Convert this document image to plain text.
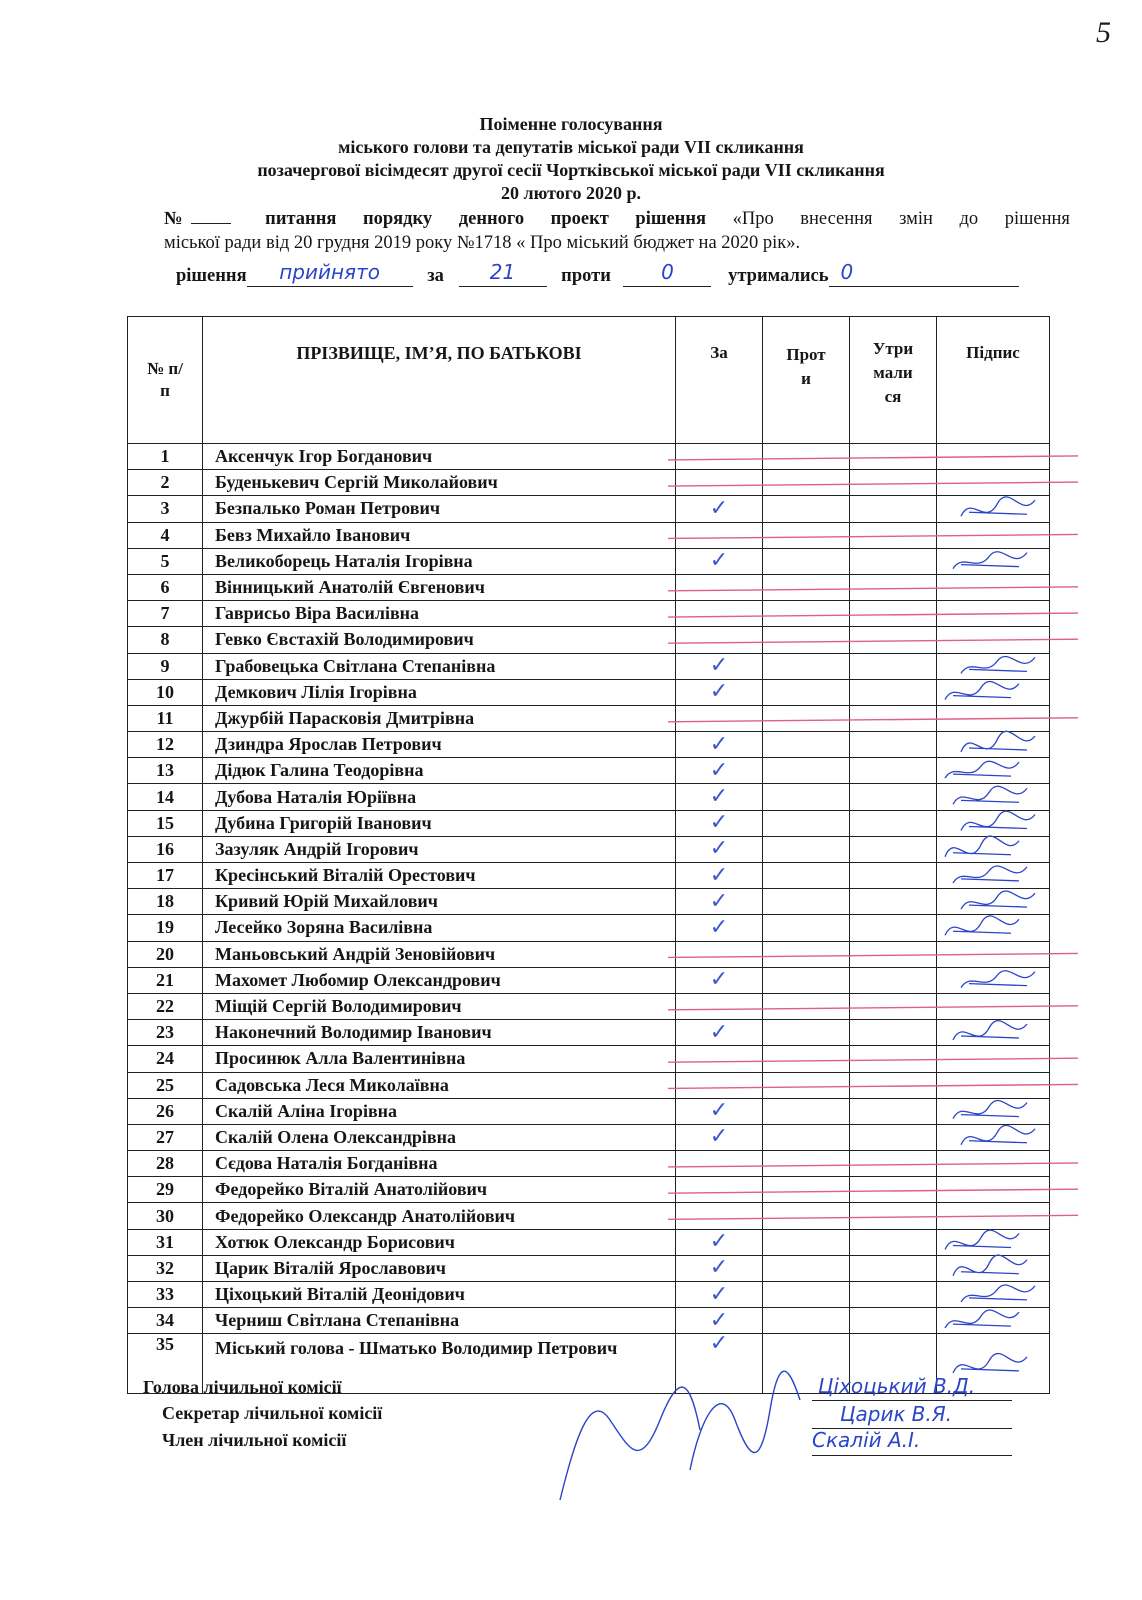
5
Поіменне голосування
міського голови та депутатів міської ради VII скликання
позачергової вісімдесят другої сесії Чортківської міської ради VII скликання
20 лютого 2020 р.
№	питання порядку денного проект рішення «Про внесення змін до рішення
міської ради від 20 грудня 2019 року №1718 « Про міський бюджет на 2020 рік».
рішення	прийнято	за	21	проти	0	утримались 0
№ п/п	ПРІЗВИЩЕ, ІМ’Я, ПО БАТЬКОВІ	За	Проти	Утрималися	Підпис
1	Аксенчук Ігор Богданович				
2	Буденькевич Сергій Миколайович				
3	Безпалько Роман Петрович	✓			

4	Бевз Михайло Іванович				
5	Великоборець Наталія Ігорівна	✓			

6	Вінницький Анатолій Євгенович				
7	Гаврисьо Віра Василівна				
8	Гевко Євстахій Володимирович				
9	Грабовецька Світлана Степанівна	✓			

10	Демкович Лілія Ігорівна	✓			

11	Джурбій Парасковія Дмитрівна				
12	Дзиндра Ярослав Петрович	✓			

13	Дідюк Галина Теодорівна	✓			

14	Дубова Наталія Юріївна	✓			

15	Дубина Григорій Іванович	✓			

16	Зазуляк Андрій Ігорович	✓			

17	Кресінський Віталій Орестович	✓			

18	Кривий Юрій Михайлович	✓			

19	Лесейко Зоряна Василівна	✓			

20	Маньовський Андрій Зеновійович				
21	Махомет Любомир Олександрович	✓			

22	Міщій Сергій Володимирович				
23	Наконечний Володимир Іванович	✓			

24	Просинюк Алла Валентинівна				
25	Садовська Леся Миколаївна				
26	Скалій Аліна Ігорівна	✓			

27	Скалій Олена Олександрівна	✓			

28	Сєдова Наталія Богданівна				
29	Федорейко Віталій Анатолійович				
30	Федорейко Олександр Анатолійович				
31	Хотюк Олександр Борисович	✓			

32	Царик Віталій Ярославович	✓			

33	Ціхоцький Віталій Деонідович	✓			

34	Черниш Світлана Степанівна	✓			

35	Міський голова - Шматько Володимир Петрович	✓			

Голова лічильної комісії
Секретар лічильної комісії
Член лічильної комісії
Ціхоцький В.Д.
Цариκ В.Я.
Скалій А.І.
